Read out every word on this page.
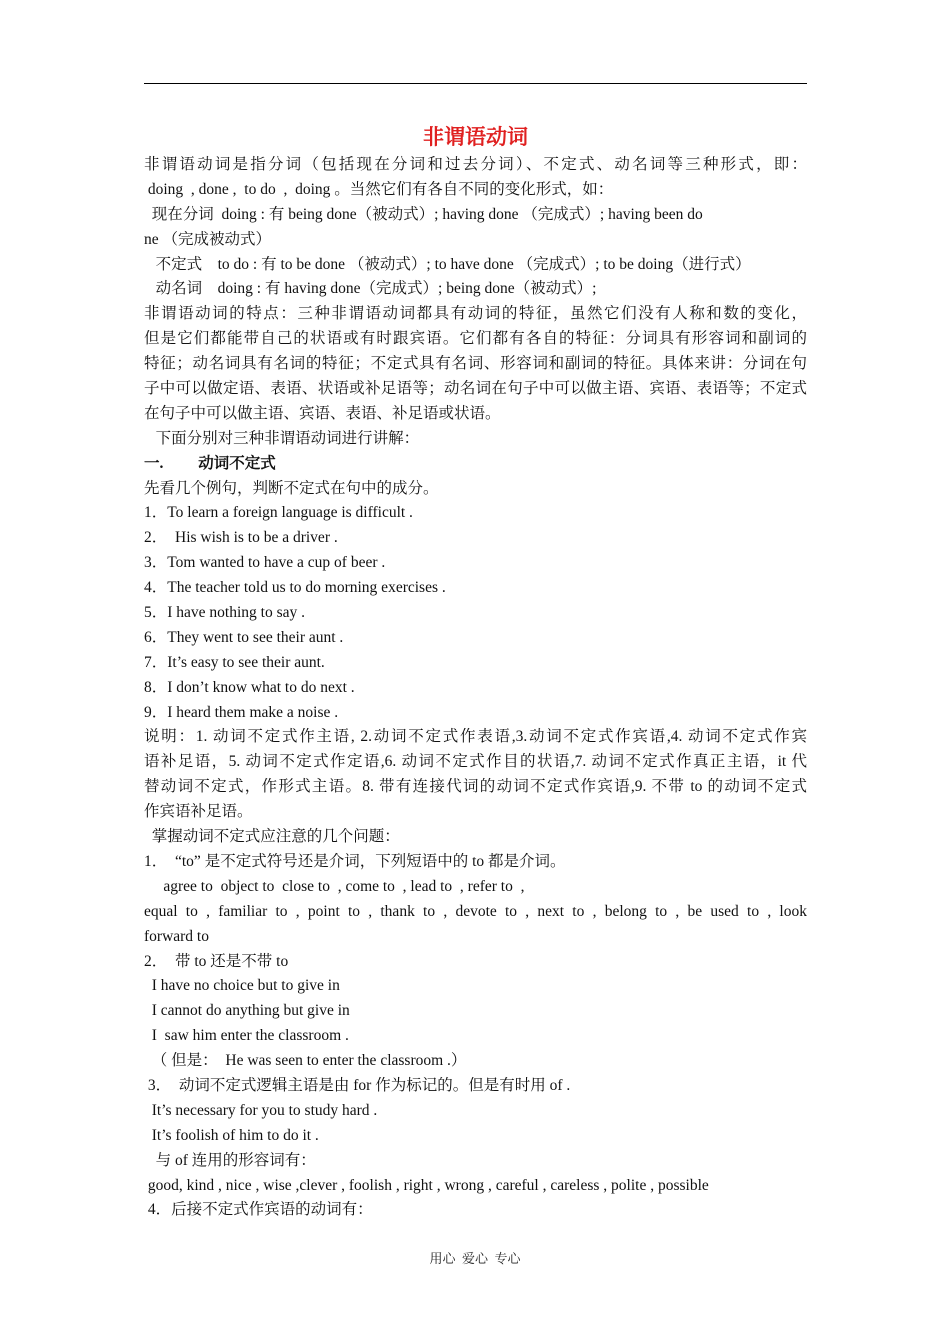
非谓语动词

非谓语动词是指分词（包括现在分词和过去分词）、不定式、动名词等三种形式，即：

doing  , done ,  to do  ,  doing 。当然它们有各自不同的变化形式，如：

现在分词  doing : 有 being done（被动式）; having done （完成式）; having been do

ne （完成被动式）

不定式    to do : 有 to be done （被动式）; to have done （完成式）; to be doing（进行式）

动名词    doing : 有 having done（完成式）; being done（被动式）;

非谓语动词的特点：三种非谓语动词都具有动词的特征，虽然它们没有人称和数的变化，

但是它们都能带自己的状语或有时跟宾语。它们都有各自的特征：分词具有形容词和副词的

特征；动名词具有名词的特征；不定式具有名词、形容词和副词的特征。具体来讲：分词在句

子中可以做定语、表语、状语或补足语等；动名词在句子中可以做主语、宾语、表语等；不定式

在句子中可以做主语、宾语、表语、补足语或状语。

下面分别对三种非谓语动词进行讲解：

一.         动词不定式

先看几个例句，判断不定式在句中的成分。

1．To learn a foreign language is difficult .

2．  His wish is to be a driver .

3．Tom wanted to have a cup of beer .

4．The teacher told us to do morning exercises .

5．I have nothing to say .

6．They went to see their aunt .

7．It’s easy to see their aunt.

8．I don’t know what to do next .

9．I heard them make a noise .

说明：1. 动词不定式作主语, 2.动词不定式作表语,3.动词不定式作宾语,4. 动词不定式作宾

语补足语，5. 动词不定式作定语,6. 动词不定式作目的状语,7. 动词不定式作真正主语，it 代

替动词不定式，作形式主语。8. 带有连接代词的动词不定式作宾语,9. 不带 to 的动词不定式

作宾语补足语。

掌握动词不定式应注意的几个问题：

1．  “to” 是不定式符号还是介词，下列短语中的 to 都是介词。

agree to  object to  close to  , come to  , lead to  , refer to  ,

equal to , familiar to , point to , thank to , devote to , next to , belong to , be used to , look

forward to

2．  带 to 还是不带 to

I have no choice but to give in

I cannot do anything but give in

I  saw him enter the classroom .

（ 但是：  He was seen to enter the classroom .）

3．  动词不定式逻辑主语是由 for 作为标记的。但是有时用 of .

It’s necessary for you to study hard .

It’s foolish of him to do it .

与 of 连用的形容词有：

good, kind , nice , wise ,clever , foolish , right , wrong , careful , careless , polite , possible

4．后接不定式作宾语的动词有：

用心  爱心  专心
